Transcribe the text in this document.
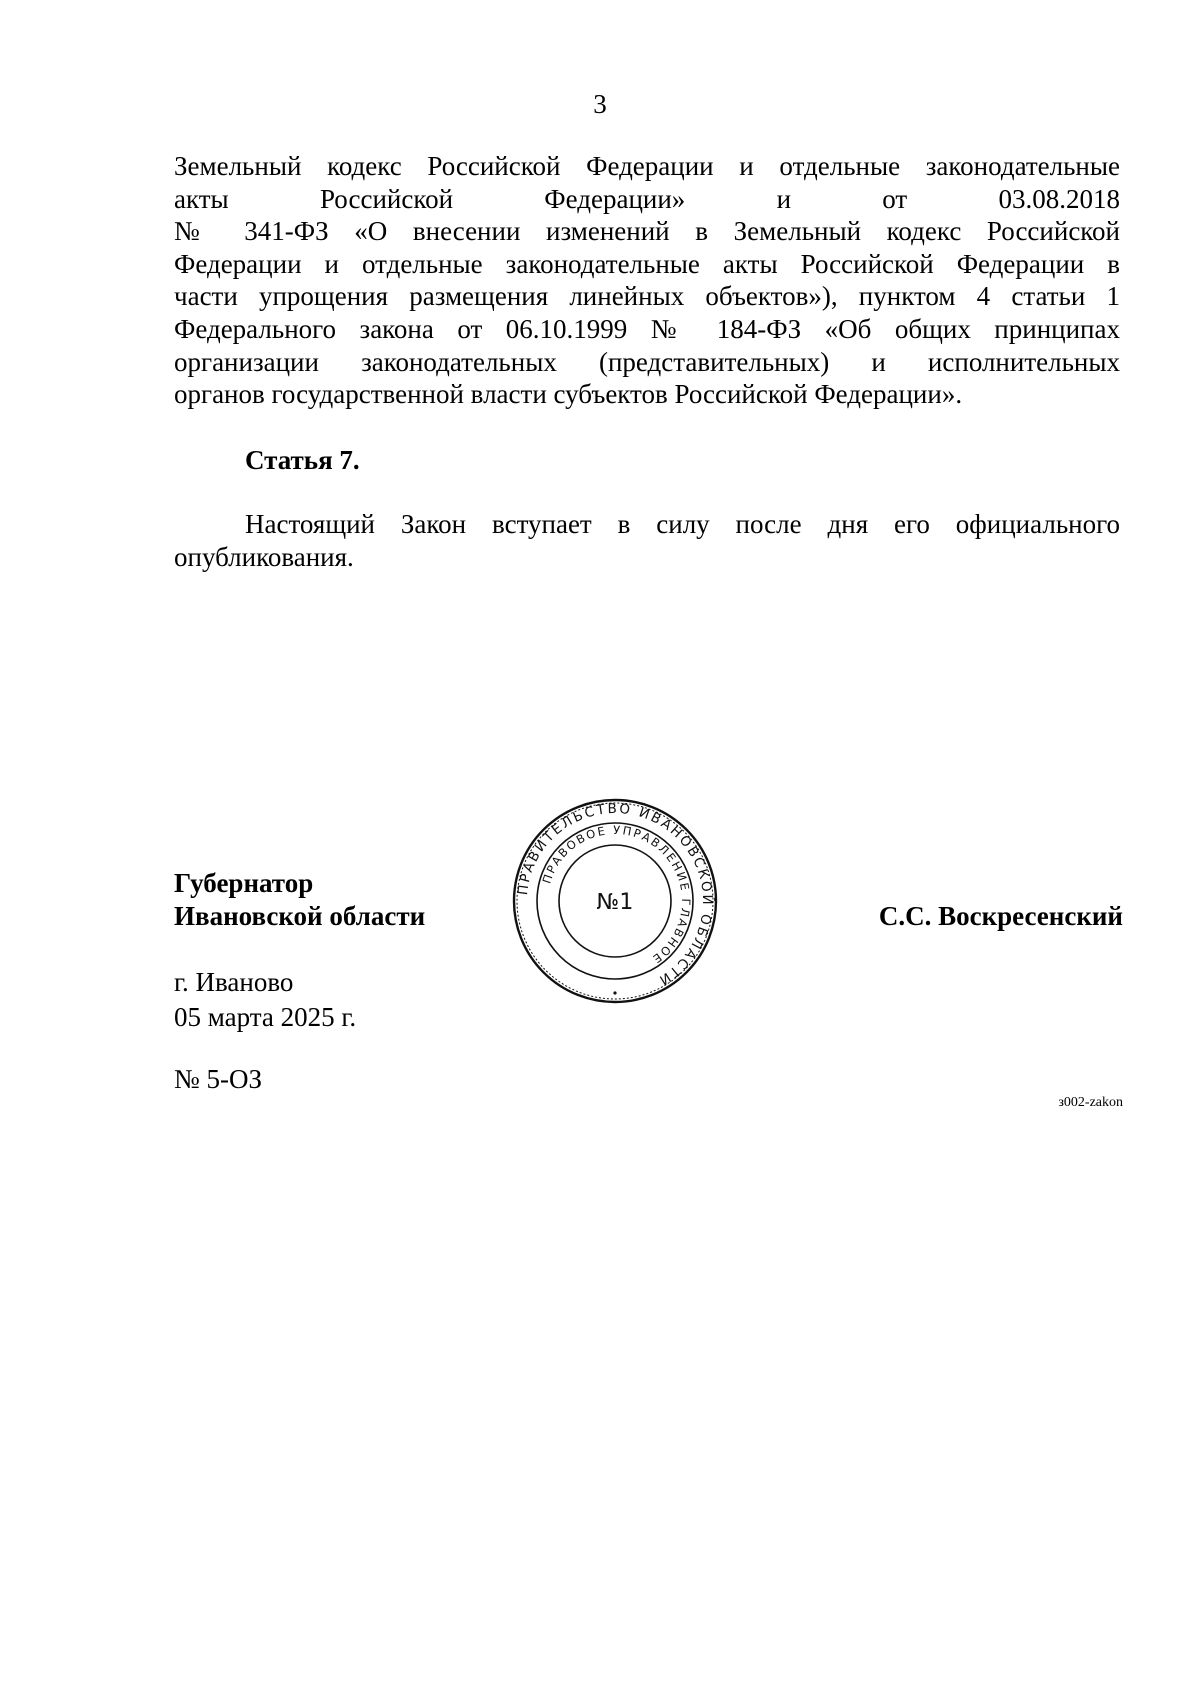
3
Земельный кодекс Российской Федерации и отдельные законодательные
акты Российской Федерации» и от 03.08.2018
№ 341-ФЗ «О внесении изменений в Земельный кодекс Российской
Федерации и отдельные законодательные акты Российской Федерации в
части упрощения размещения линейных объектов»), пунктом 4 статьи 1
Федерального закона от 06.10.1999 № 184-ФЗ «Об общих принципах
организации законодательных (представительных) и исполнительных
органов государственной власти субъектов Российской Федерации».
Статья 7.
Настоящий Закон вступает в силу после дня его официального
опубликования.
Губернатор
Ивановской области
ПРАВИТЕЛЬСТВО ИВАНОВСКОЙ ОБЛАСТИ
ПРАВОВОЕ УПРАВЛЕНИЕ ГЛАВНОЕ
№1	С.С. Воскресенский
г. Иваново
05 марта 2025 г.
№ 5-ОЗ
з002-zakon
